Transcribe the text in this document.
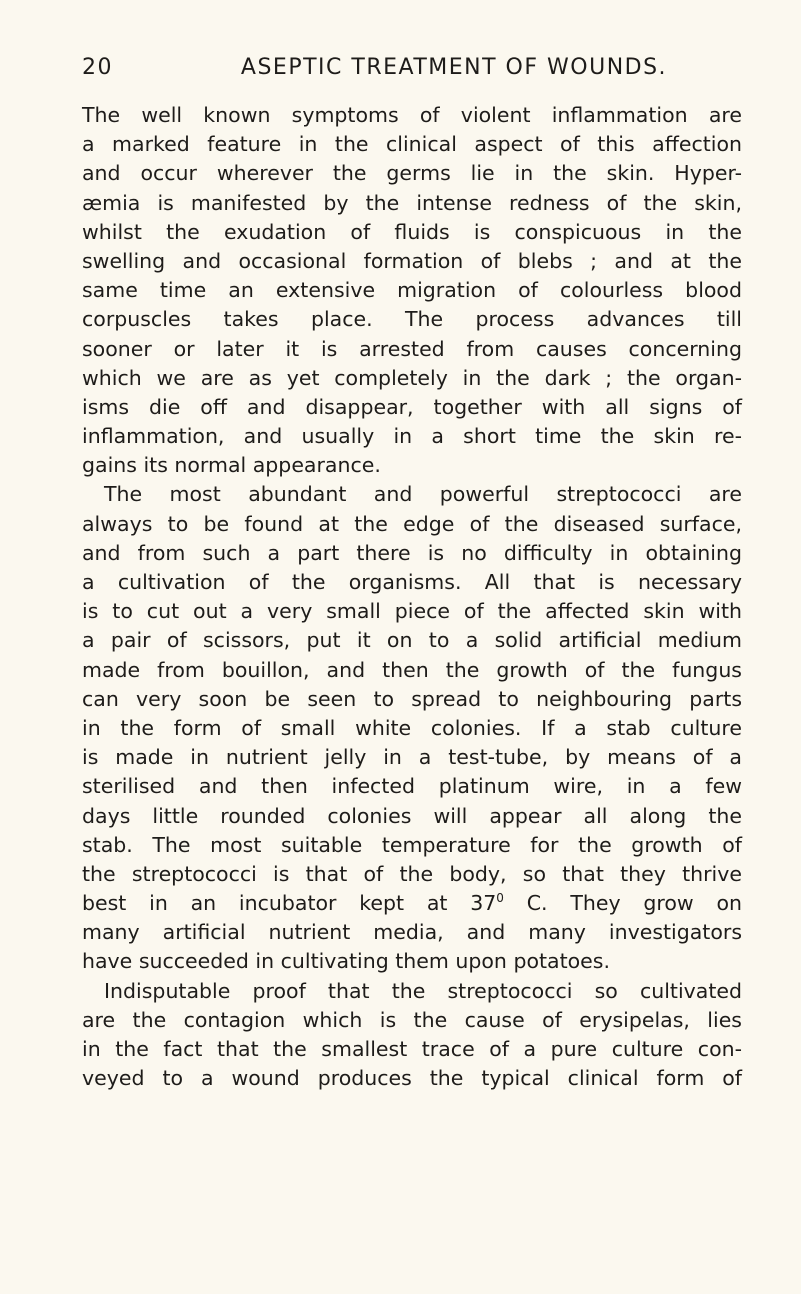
20	ASEPTIC TREATMENT OF WOUNDS.
The well known symptoms of violent inflammation are
a marked feature in the clinical aspect of this affection
and occur wherever the germs lie in the skin. Hyper-
æmia is manifested by the intense redness of the skin,
whilst the exudation of fluids is conspicuous in the
swelling and occasional formation of blebs ; and at the
same time an extensive migration of colourless blood
corpuscles takes place. The process advances till
sooner or later it is arrested from causes concerning
which we are as yet completely in the dark ; the organ-
isms die off and disappear, together with all signs of
inflammation, and usually in a short time the skin re-
gains its normal appearance.
The most abundant and powerful streptococci are
always to be found at the edge of the diseased surface,
and from such a part there is no difficulty in obtaining
a cultivation of the organisms. All that is necessary
is to cut out a very small piece of the affected skin with
a pair of scissors, put it on to a solid artificial medium
made from bouillon, and then the growth of the fungus
can very soon be seen to spread to neighbouring parts
in the form of small white colonies. If a stab culture
is made in nutrient jelly in a test-tube, by means of a
sterilised and then infected platinum wire, in a few
days little rounded colonies will appear all along the
stab. The most suitable temperature for the growth of
the streptococci is that of the body, so that they thrive
best in an incubator kept at $37^0$ C. They grow on
many artificial nutrient media, and many investigators
have succeeded in cultivating them upon potatoes.
Indisputable proof that the streptococci so cultivated
are the contagion which is the cause of erysipelas, lies
in the fact that the smallest trace of a pure culture con-
veyed to a wound produces the typical clinical form of
